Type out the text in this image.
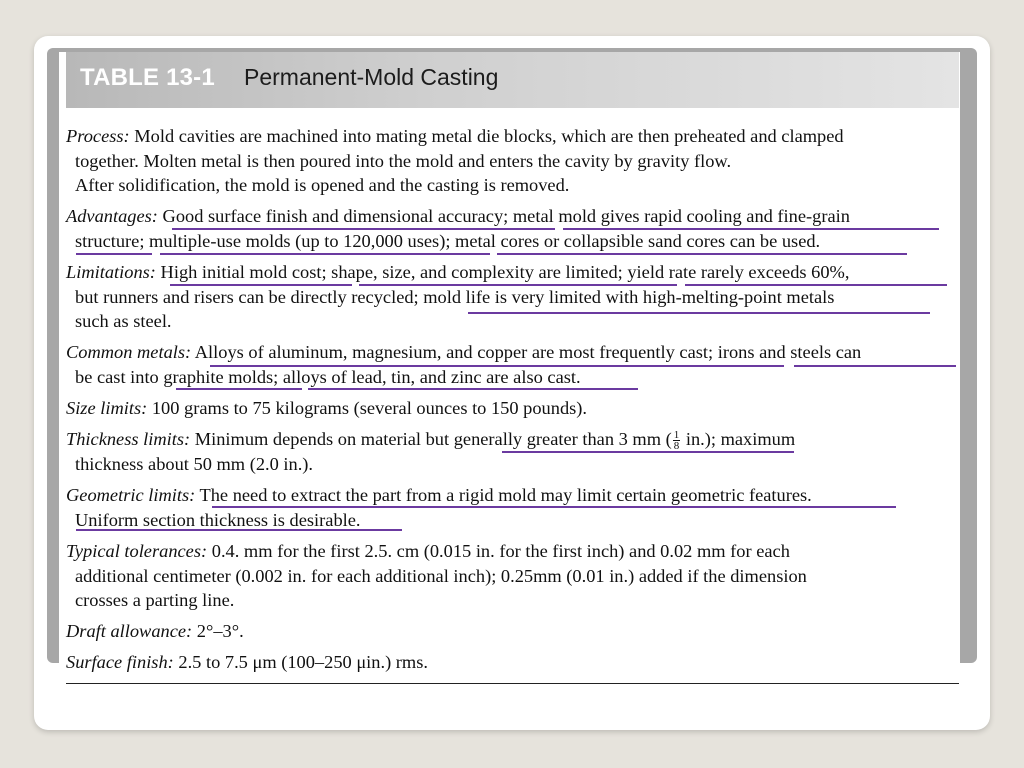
TABLE 13-1 Permanent-Mold Casting
Process: Mold cavities are machined into mating metal die blocks, which are then preheated and clamped
together. Molten metal is then poured into the mold and enters the cavity by gravity flow.
After solidification, the mold is opened and the casting is removed.
Advantages: Good surface finish and dimensional accuracy; metal mold gives rapid cooling and fine-grain
structure; multiple-use molds (up to 120,000 uses); metal cores or collapsible sand cores can be used.
Limitations: High initial mold cost; shape, size, and complexity are limited; yield rate rarely exceeds 60%,
but runners and risers can be directly recycled; mold life is very limited with high-melting-point metals
such as steel.
Common metals: Alloys of aluminum, magnesium, and copper are most frequently cast; irons and steels can
be cast into graphite molds; alloys of lead, tin, and zinc are also cast.
Size limits: 100 grams to 75 kilograms (several ounces to 150 pounds).
Thickness limits: Minimum depends on material but generally greater than 3 mm ( $\frac{1}{8} in$.); maximum
thickness about 50 mm (2.0 in.).
Geometric limits: The need to extract the part from a rigid mold may limit certain geometric features.
Uniform section thickness is desirable.
Typical tolerances: 0.4. mm for the first 2.5. cm (0.015 in. for the first inch) and 0.02 mm for each
additional centimeter (0.002 in. for each additional inch); 0.25mm (0.01 in.) added if the dimension
crosses a parting line.
Draft allowance: 2°–3°.
Surface finish: 2.5 to 7.5 μm (100–250 μin.) rms.
